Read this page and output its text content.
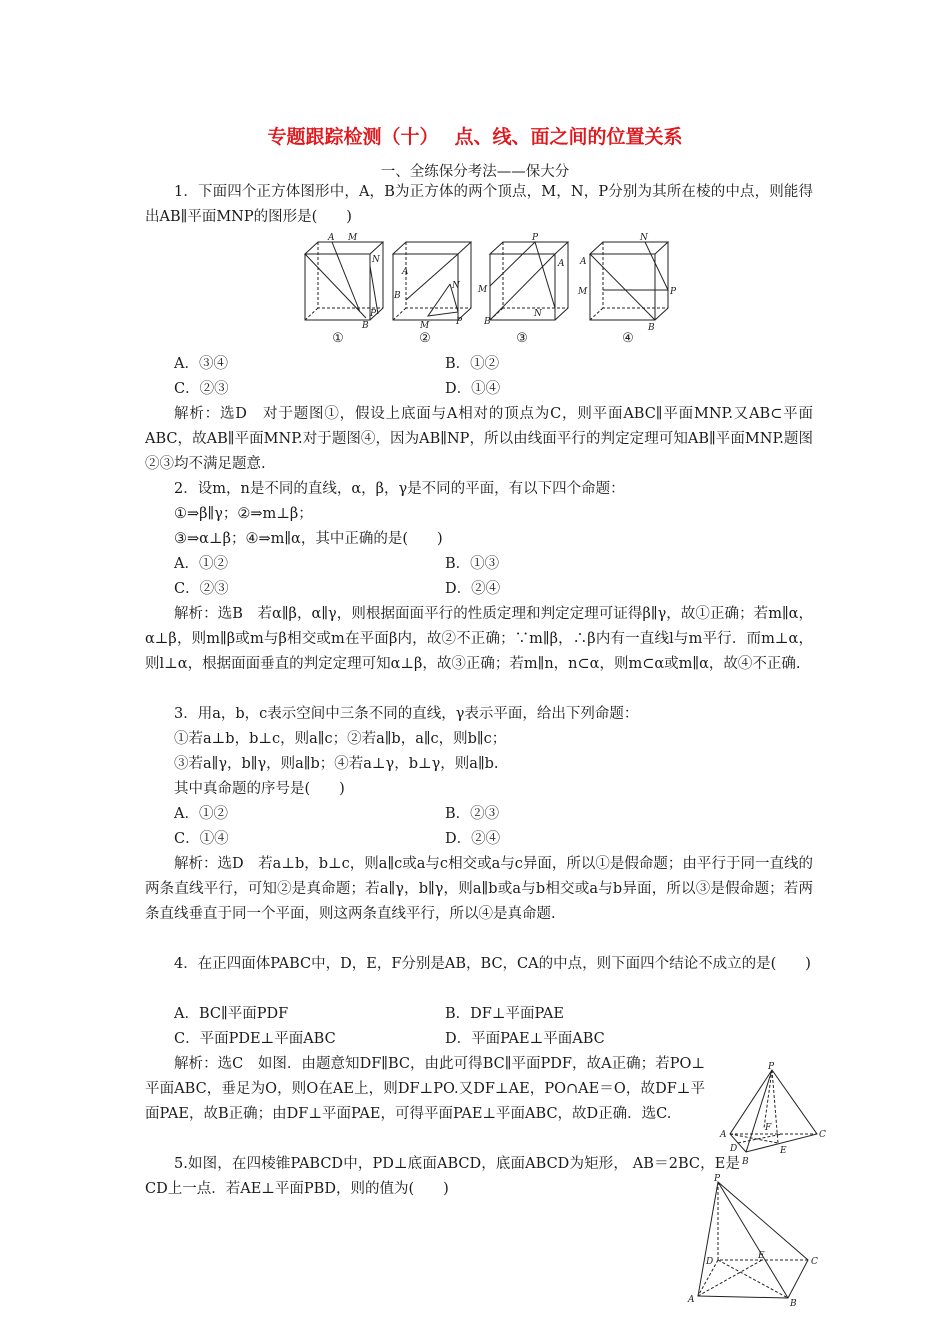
专题跟踪检测（十）　 点、线、面之间的位置关系
一、全练保分考法——保大分
1．下面四个正方体图形中，A，B为正方体的两个顶点，M，N，P分别为其所在棱的中点，则能得出AB∥平面MNP的图形是(　　)
M
A
N
P
B
B
N
P
M
A
P
A
M
B
N
N
A
P
M
B
①	②	③	④
A．③④	B．①②
C．②③	D．①④
解析：选D　对于题图①，假设上底面与A相对的顶点为C，则平面ABC∥平面MNP.又AB⊂平面ABC，故AB∥平面MNP.对于题图④，因为AB∥NP，所以由线面平行的判定定理可知AB∥平面MNP.题图②③均不满足题意.
2．设m，n是不同的直线，α，β，γ是不同的平面，有以下四个命题：
①⇒β∥γ；②⇒m⊥β；
③⇒α⊥β；④⇒m∥α，其中正确的是(　　)
A．①②	B．①③
C．②③	D．②④
解析：选B　若α∥β，α∥γ，则根据面面平行的性质定理和判定定理可证得β∥γ，故①正确；若m∥α，α⊥β，则m∥β或m与β相交或m在平面β内，故②不正确；∵m∥β，∴β内有一直线l与m平行．而m⊥α，则l⊥α，根据面面垂直的判定定理可知α⊥β，故③正确；若m∥n，n⊂α，则m⊂α或m∥α，故④不正确.
3．用a，b，c表示空间中三条不同的直线，γ表示平面，给出下列命题：
①若a⊥b，b⊥c，则a∥c；②若a∥b，a∥c，则b∥c；
③若a∥γ，b∥γ，则a∥b；④若a⊥γ，b⊥γ，则a∥b.
其中真命题的序号是(　　)
A．①②	B．②③
C．①④	D．②④
解析：选D　若a⊥b，b⊥c，则a∥c或a与c相交或a与c异面，所以①是假命题；由平行于同一直线的两条直线平行，可知②是真命题；若a∥γ，b∥γ，则a∥b或a与b相交或a与b异面，所以③是假命题；若两条直线垂直于同一个平面，则这两条直线平行，所以④是真命题.
4．在正四面体PABC中，D，E，F分别是AB，BC，CA的中点，则下面四个结论不成立的是(　　)
A．BC∥平面PDF	B．DF⊥平面PAE
C．平面PDE⊥平面ABC	D．平面PAE⊥平面ABC
解析：选C　如图．由题意知DF∥BC，由此可得BC∥平面PDF，故A正确；若PO⊥平面ABC，垂足为O，则O在AE上，则DF⊥PO.又DF⊥AE，PO∩AE＝O，故DF⊥平面PAE，故B正确；由DF⊥平面PAE，可得平面PAE⊥平面ABC，故D正确．选C.
P
A	C
B
D	E
F
5.如图，在四棱锥PABCD中，PD⊥底面ABCD，底面ABCD为矩形， AB＝2BC，E是CD上一点．若AE⊥平面PBD，则的值为(　　)
P
D	C
A	B
E
